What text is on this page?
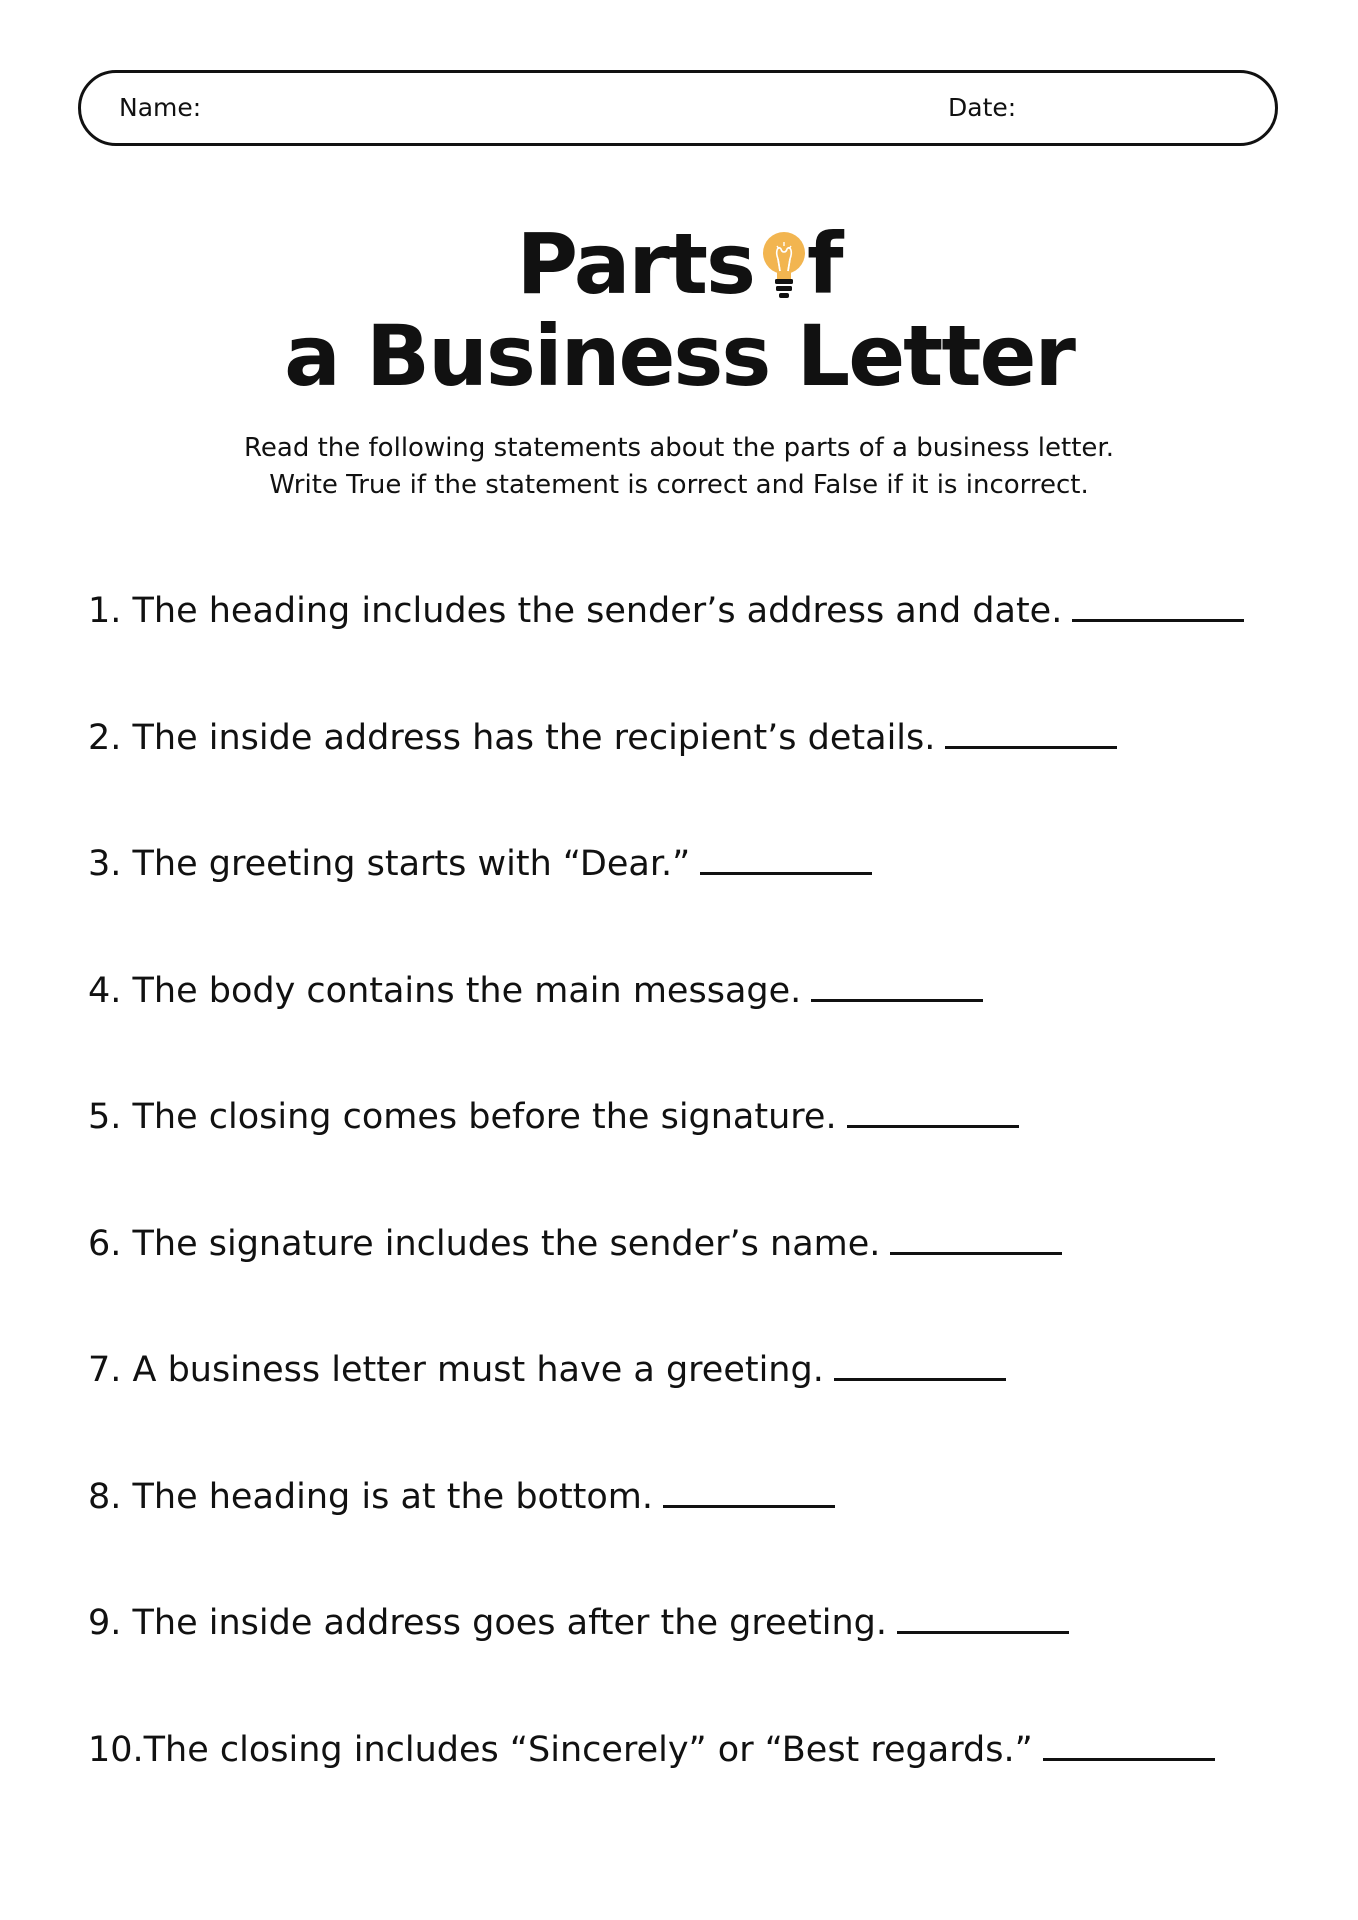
Name:	Date:
Parts f
a Business Letter
Read the following statements about the parts of a business letter.
Write True if the statement is correct and False if it is incorrect.
1. The heading includes the sender’s address and date.
2. The inside address has the recipient’s details.
3. The greeting starts with “Dear.”
4. The body contains the main message.
5. The closing comes before the signature.
6. The signature includes the sender’s name.
7. A business letter must have a greeting.
8. The heading is at the bottom.
9. The inside address goes after the greeting.
10.The closing includes “Sincerely” or “Best regards.”
